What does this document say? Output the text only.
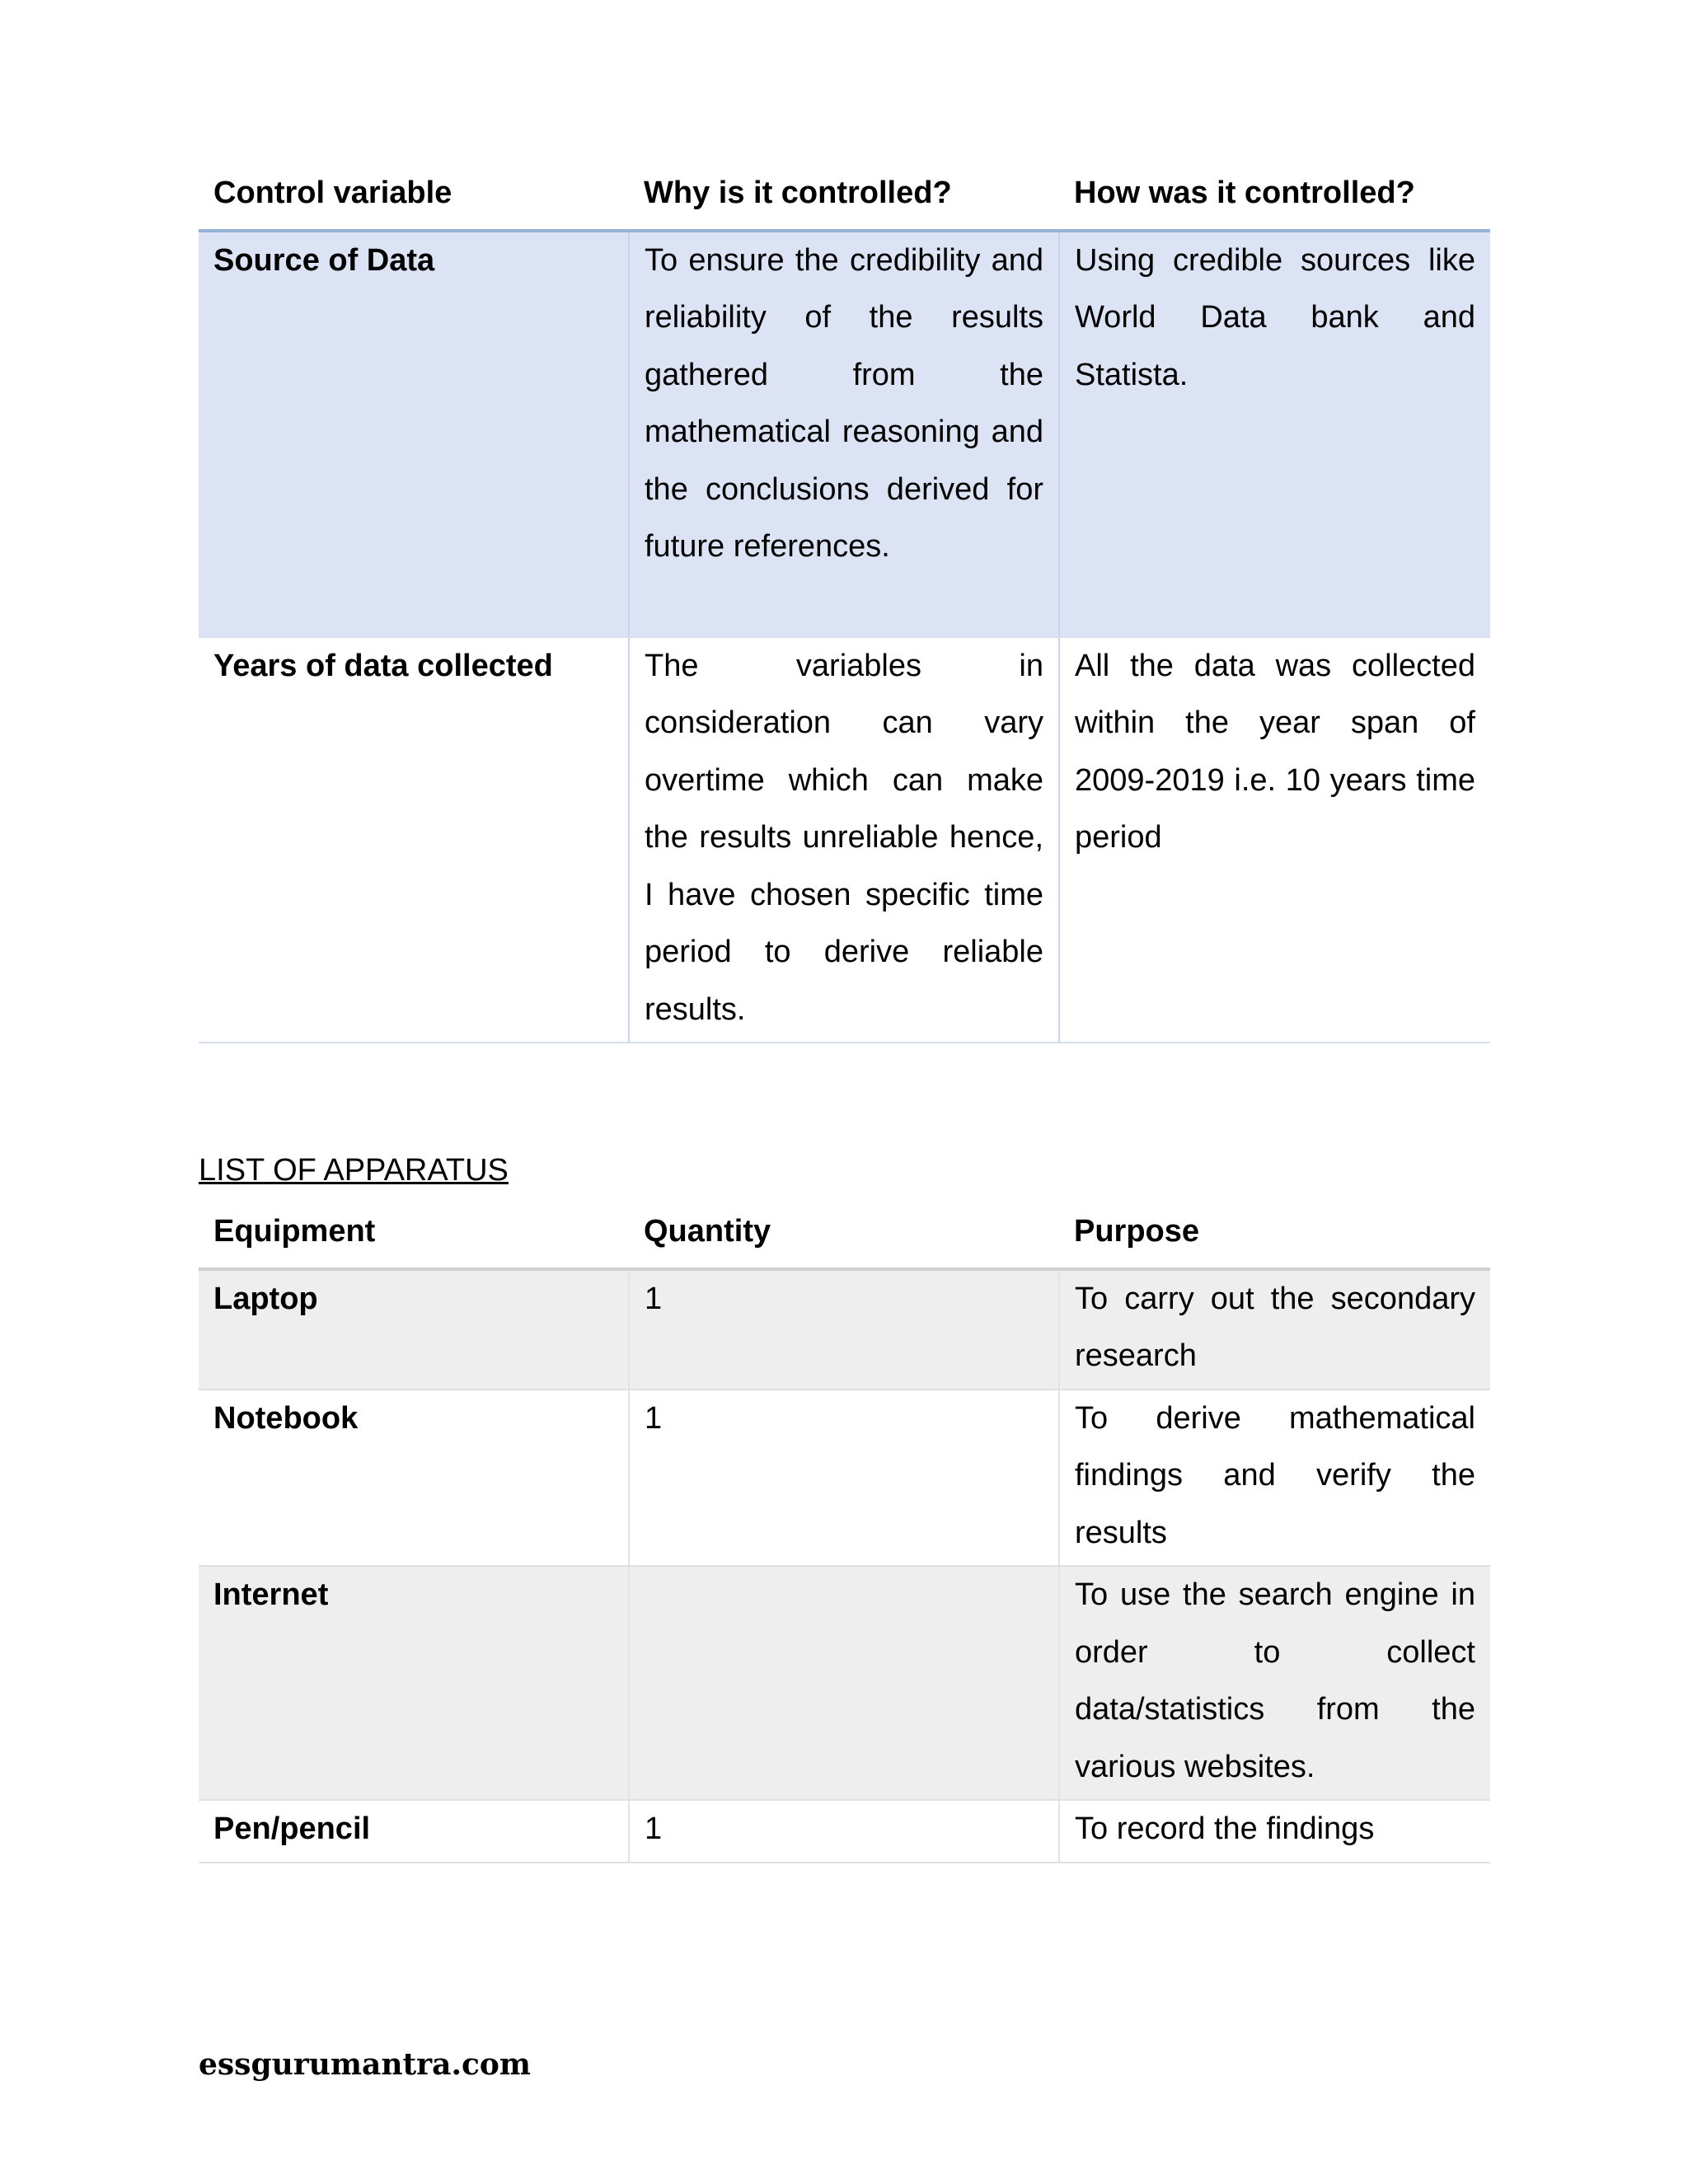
Control variable	Why is it controlled?	How was it controlled?
Source of Data	To ensure the credibility and reliability of the results gathered from the mathematical reasoning and the conclusions derived for future references.	Using credible sources like World Data bank and Statista.
Years of data collected	The variables in consideration can vary overtime which can make the results unreliable hence, I have chosen specific time period to derive reliable results.	All the data was collected within the year span of 2009-2019 i.e. 10 years time period
LIST OF APPARATUS
Equipment	Quantity	Purpose
Laptop	1	To carry out the secondary research
Notebook	1	To derive mathematical findings and verify the results
Internet		To use the search engine in order to collect data/statistics from the various websites.
Pen/pencil	1	To record the findings
essgurumantra.com
